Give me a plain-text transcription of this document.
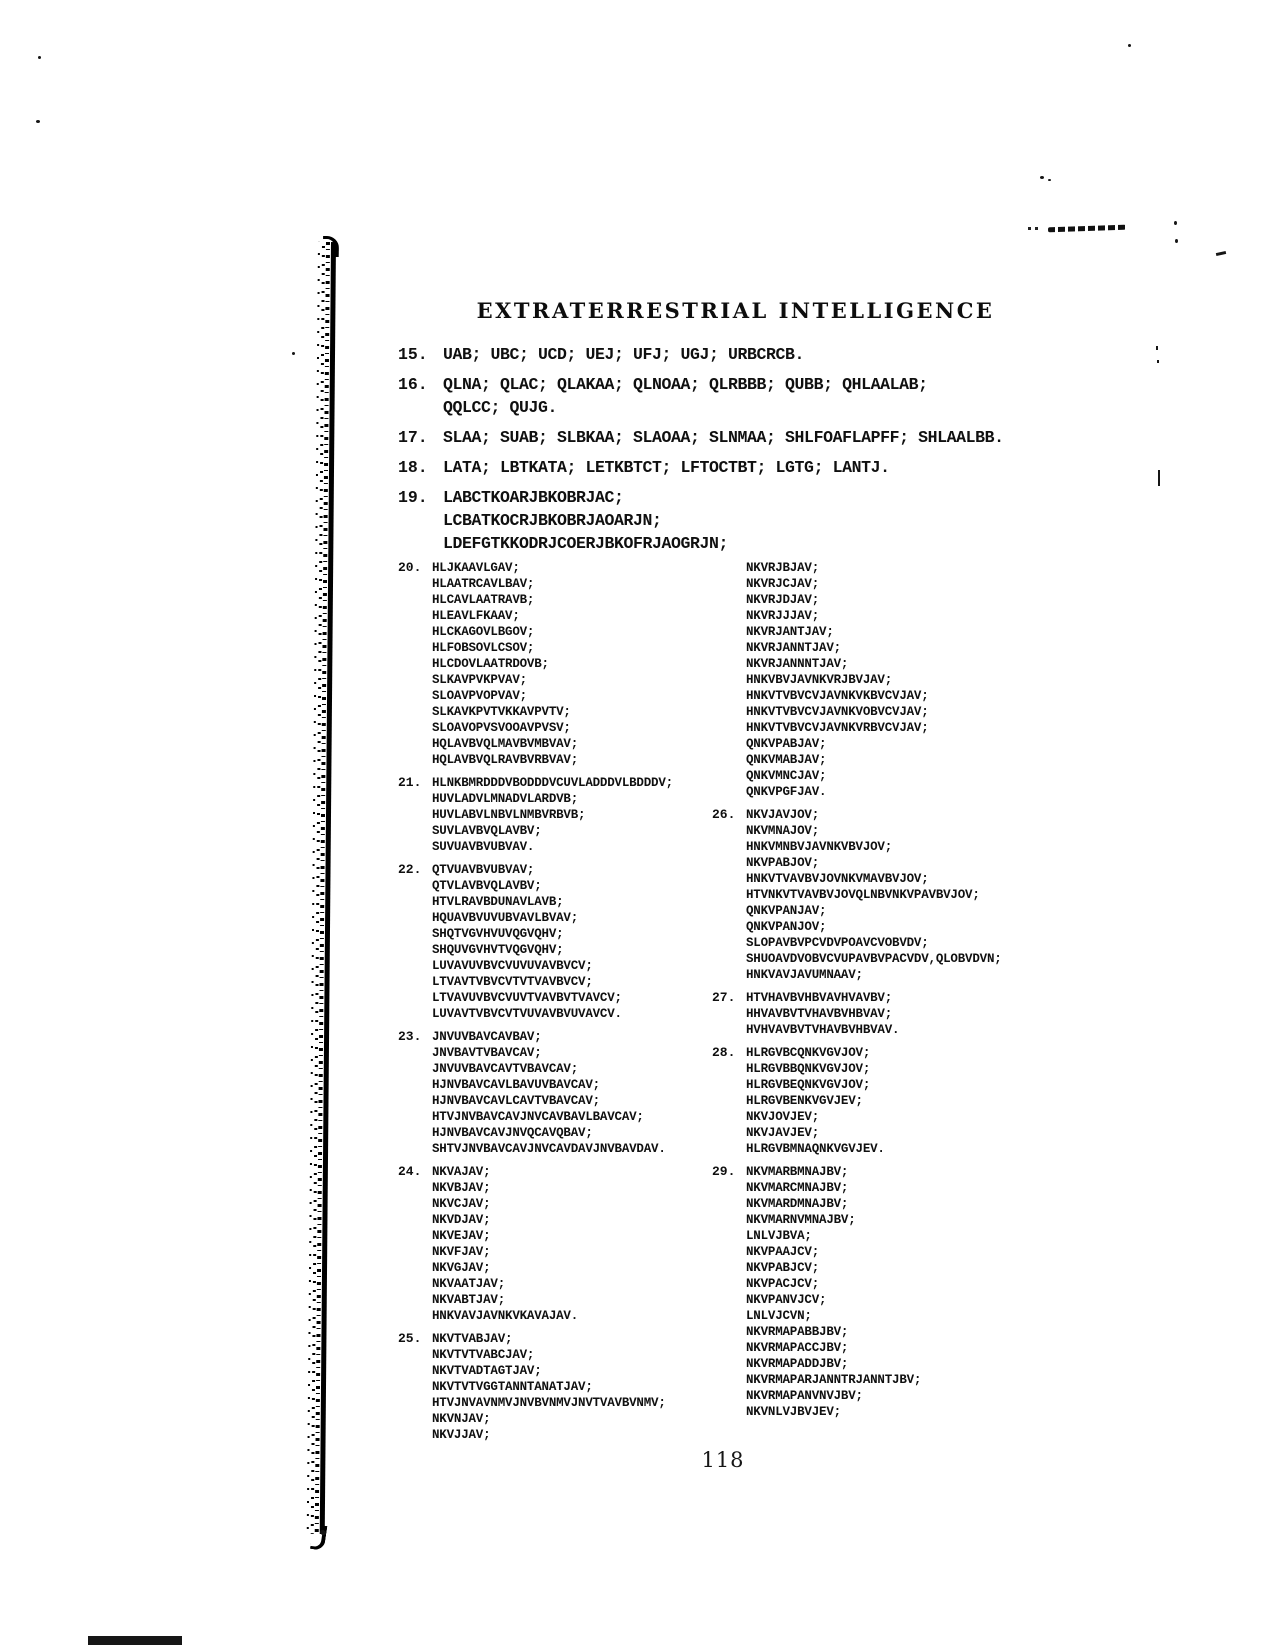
EXTRATERRESTRIAL INTELLIGENCE
15. UAB; UBC; UCD; UEJ; UFJ; UGJ; URBCRCB.
16. QLNA; QLAC; QLAKAA; QLNOAA; QLRBBB; QUBB; QHLAALAB;
QQLCC; QUJG.
17. SLAA; SUAB; SLBKAA; SLAOAA; SLNMAA; SHLFOAFLAPFF; SHLAALBB.
18. LATA; LBTKATA; LETKBTCT; LFTOCTBT; LGTG; LANTJ.
19. LABCTKOARJBKOBRJAC;
LCBATKOCRJBKOBRJAOARJN;
LDEFGTKKODRJCOERJBKOFRJAOGRJN;
20. HLJKAAVLGAV;
HLAATRCAVLBAV;
HLCAVLAATRAVB;
HLEAVLFKAAV;
HLCKAGOVLBGOV;
HLFOBSOVLCSOV;
HLCDOVLAATRDOVB;
SLKAVPVKPVAV;
SLOAVPVOPVAV;
SLKAVKPVTVKKAVPVTV;
SLOAVOPVSVOOAVPVSV;
HQLAVBVQLMAVBVMBVAV;
HQLAVBVQLRAVBVRBVAV;
21. HLNKBMRDDDVBODDDVCUVLADDDVLBDDDV;
HUVLADVLMNADVLARDVB;
HUVLABVLNBVLNMBVRBVB;
SUVLAVBVQLAVBV;
SUVUAVBVUBVAV.
22. QTVUAVBVUBVAV;
QTVLAVBVQLAVBV;
HTVLRAVBDUNAVLAVB;
HQUAVBVUVUBVAVLBVAV;
SHQTVGVHVUVQGVQHV;
SHQUVGVHVTVQGVQHV;
LUVAVUVBVCVUVUVAVBVCV;
LTVAVTVBVCVTVTVAVBVCV;
LTVAVUVBVCVUVTVAVBVTVAVCV;
LUVAVTVBVCVTVUVAVBVUVAVCV.
23. JNVUVBAVCAVBAV;
JNVBAVTVBAVCAV;
JNVUVBAVCAVTVBAVCAV;
HJNVBAVCAVLBAVUVBAVCAV;
HJNVBAVCAVLCAVTVBAVCAV;
HTVJNVBAVCAVJNVCAVBAVLBAVCAV;
HJNVBAVCAVJNVQCAVQBAV;
SHTVJNVBAVCAVJNVCAVDAVJNVBAVDAV.
24. NKVAJAV;
NKVBJAV;
NKVCJAV;
NKVDJAV;
NKVEJAV;
NKVFJAV;
NKVGJAV;
NKVAATJAV;
NKVABTJAV;
HNKVAVJAVNKVKAVAJAV.
25. NKVTVABJAV;
NKVTVTVABCJAV;
NKVTVADTAGTJAV;
NKVTVTVGGTANNTANATJAV;
HTVJNVAVNMVJNVBVNMVJNVTVAVBVNMV;
NKVNJAV;
NKVJJAV;
NKVRJBJAV;
NKVRJCJAV;
NKVRJDJAV;
NKVRJJJAV;
NKVRJANTJAV;
NKVRJANNTJAV;
NKVRJANNNTJAV;
HNKVBVJAVNKVRJBVJAV;
HNKVTVBVCVJAVNKVKBVCVJAV;
HNKVTVBVCVJAVNKVOBVCVJAV;
HNKVTVBVCVJAVNKVRBVCVJAV;
QNKVPABJAV;
QNKVMABJAV;
QNKVMNCJAV;
QNKVPGFJAV.
26. NKVJAVJOV;
NKVMNAJOV;
HNKVMNBVJAVNKVBVJOV;
NKVPABJOV;
HNKVTVAVBVJOVNKVMAVBVJOV;
HTVNKVTVAVBVJOVQLNBVNKVPAVBVJOV;
QNKVPANJAV;
QNKVPANJOV;
SLOPAVBVPCVDVPOAVCVOBVDV;
SHUOAVDVOBVCVUPAVBVPACVDV,QLOBVDVN;
HNKVAVJAVUMNAAV;
27. HTVHAVBVHBVAVHVAVBV;
HHVAVBVTVHAVBVHBVAV;
HVHVAVBVTVHAVBVHBVAV.
28. HLRGVBCQNKVGVJOV;
HLRGVBBQNKVGVJOV;
HLRGVBEQNKVGVJOV;
HLRGVBENKVGVJEV;
NKVJOVJEV;
NKVJAVJEV;
HLRGVBMNAQNKVGVJEV.
29. NKVMARBMNAJBV;
NKVMARCMNAJBV;
NKVMARDMNAJBV;
NKVMARNVMNAJBV;
LNLVJBVA;
NKVPAAJCV;
NKVPABJCV;
NKVPACJCV;
NKVPANVJCV;
LNLVJCVN;
NKVRMAPABBJBV;
NKVRMAPACCJBV;
NKVRMAPADDJBV;
NKVRMAPARJANNTRJANNTJBV;
NKVRMAPANVNVJBV;
NKVNLVJBVJEV;
118
